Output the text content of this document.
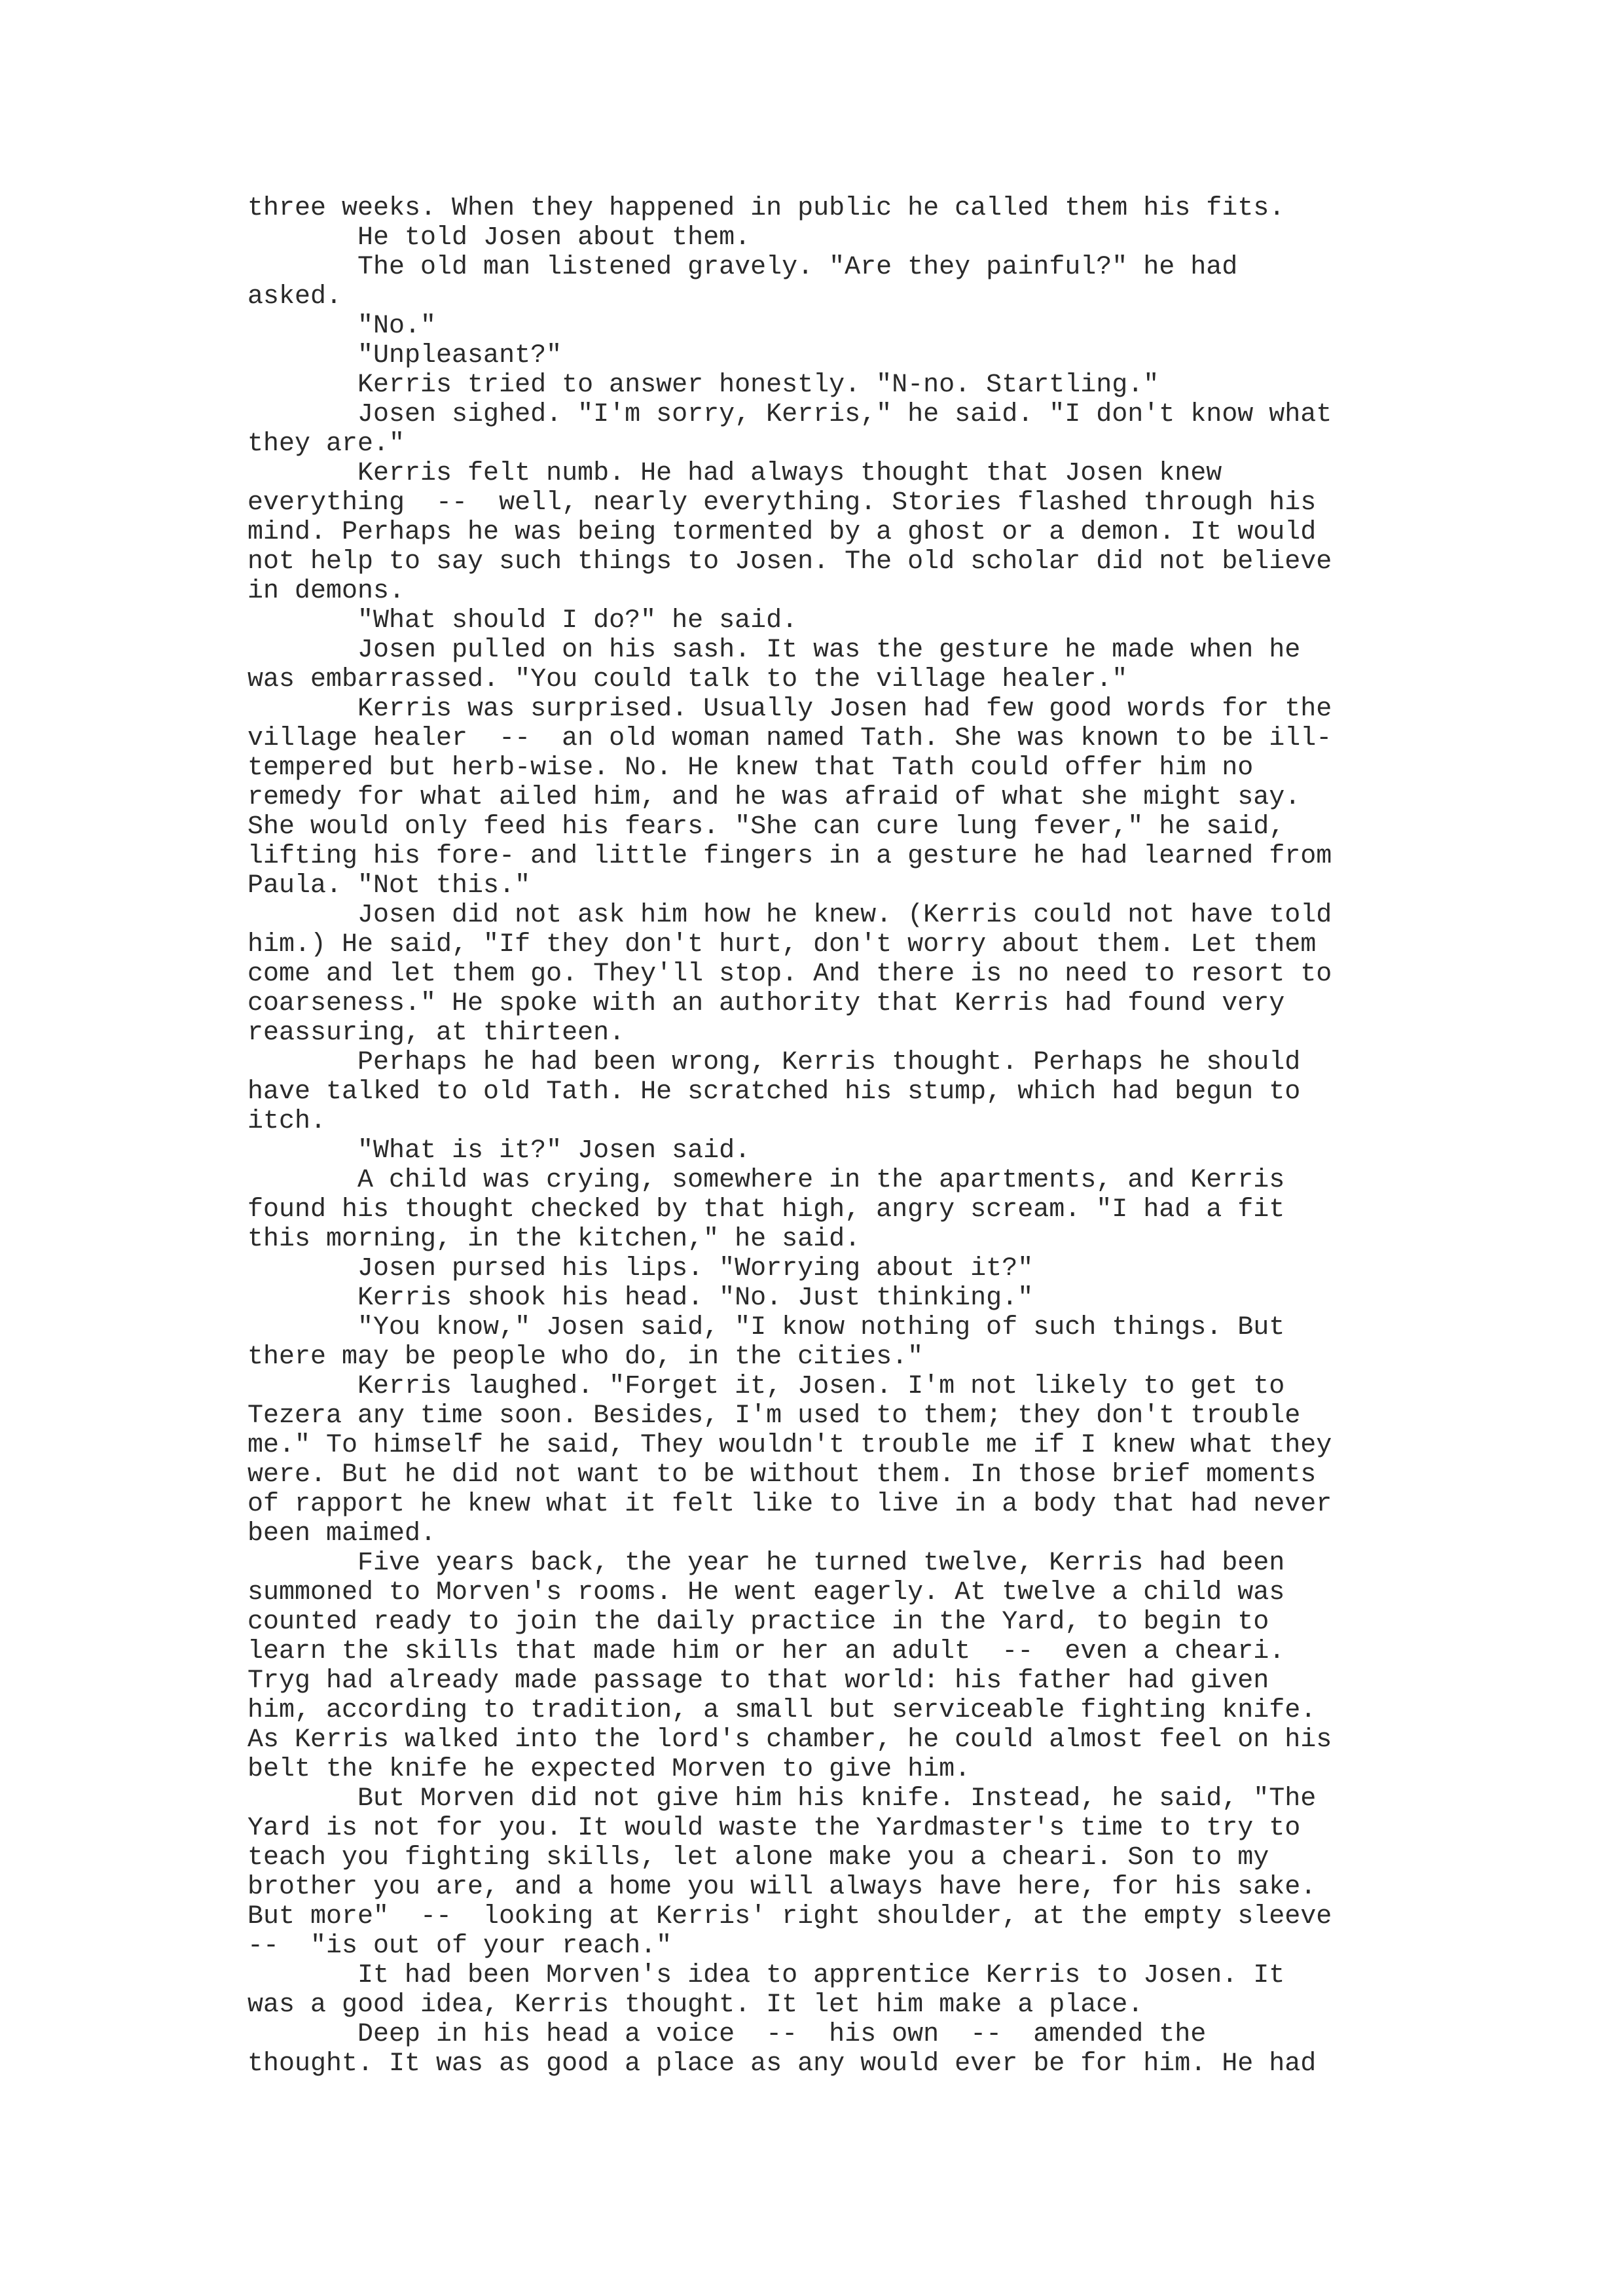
three weeks. When they happened in public he called them his fits.
He told Josen about them.
The old man listened gravely. "Are they painful?" he had
asked.
"No."
"Unpleasant?"
Kerris tried to answer honestly. "N-no. Startling."
Josen sighed. "I'm sorry, Kerris," he said. "I don't know what
they are."
Kerris felt numb. He had always thought that Josen knew
everything  --  well, nearly everything. Stories flashed through his
mind. Perhaps he was being tormented by a ghost or a demon. It would
not help to say such things to Josen. The old scholar did not believe
in demons.
"What should I do?" he said.
Josen pulled on his sash. It was the gesture he made when he
was embarrassed. "You could talk to the village healer."
Kerris was surprised. Usually Josen had few good words for the
village healer  --  an old woman named Tath. She was known to be ill-
tempered but herb-wise. No. He knew that Tath could offer him no
remedy for what ailed him, and he was afraid of what she might say.
She would only feed his fears. "She can cure lung fever," he said,
lifting his fore- and little fingers in a gesture he had learned from
Paula. "Not this."
Josen did not ask him how he knew. (Kerris could not have told
him.) He said, "If they don't hurt, don't worry about them. Let them
come and let them go. They'll stop. And there is no need to resort to
coarseness." He spoke with an authority that Kerris had found very
reassuring, at thirteen.
Perhaps he had been wrong, Kerris thought. Perhaps he should
have talked to old Tath. He scratched his stump, which had begun to
itch.
"What is it?" Josen said.
A child was crying, somewhere in the apartments, and Kerris
found his thought checked by that high, angry scream. "I had a fit
this morning, in the kitchen," he said.
Josen pursed his lips. "Worrying about it?"
Kerris shook his head. "No. Just thinking."
"You know," Josen said, "I know nothing of such things. But
there may be people who do, in the cities."
Kerris laughed. "Forget it, Josen. I'm not likely to get to
Tezera any time soon. Besides, I'm used to them; they don't trouble
me." To himself he said, They wouldn't trouble me if I knew what they
were. But he did not want to be without them. In those brief moments
of rapport he knew what it felt like to live in a body that had never
been maimed.
Five years back, the year he turned twelve, Kerris had been
summoned to Morven's rooms. He went eagerly. At twelve a child was
counted ready to join the daily practice in the Yard, to begin to
learn the skills that made him or her an adult  --  even a cheari.
Tryg had already made passage to that world: his father had given
him, according to tradition, a small but serviceable fighting knife.
As Kerris walked into the lord's chamber, he could almost feel on his
belt the knife he expected Morven to give him.
But Morven did not give him his knife. Instead, he said, "The
Yard is not for you. It would waste the Yardmaster's time to try to
teach you fighting skills, let alone make you a cheari. Son to my
brother you are, and a home you will always have here, for his sake.
But more"  --  looking at Kerris' right shoulder, at the empty sleeve
--  "is out of your reach."
It had been Morven's idea to apprentice Kerris to Josen. It
was a good idea, Kerris thought. It let him make a place.
Deep in his head a voice  --  his own  --  amended the
thought. It was as good a place as any would ever be for him. He had
